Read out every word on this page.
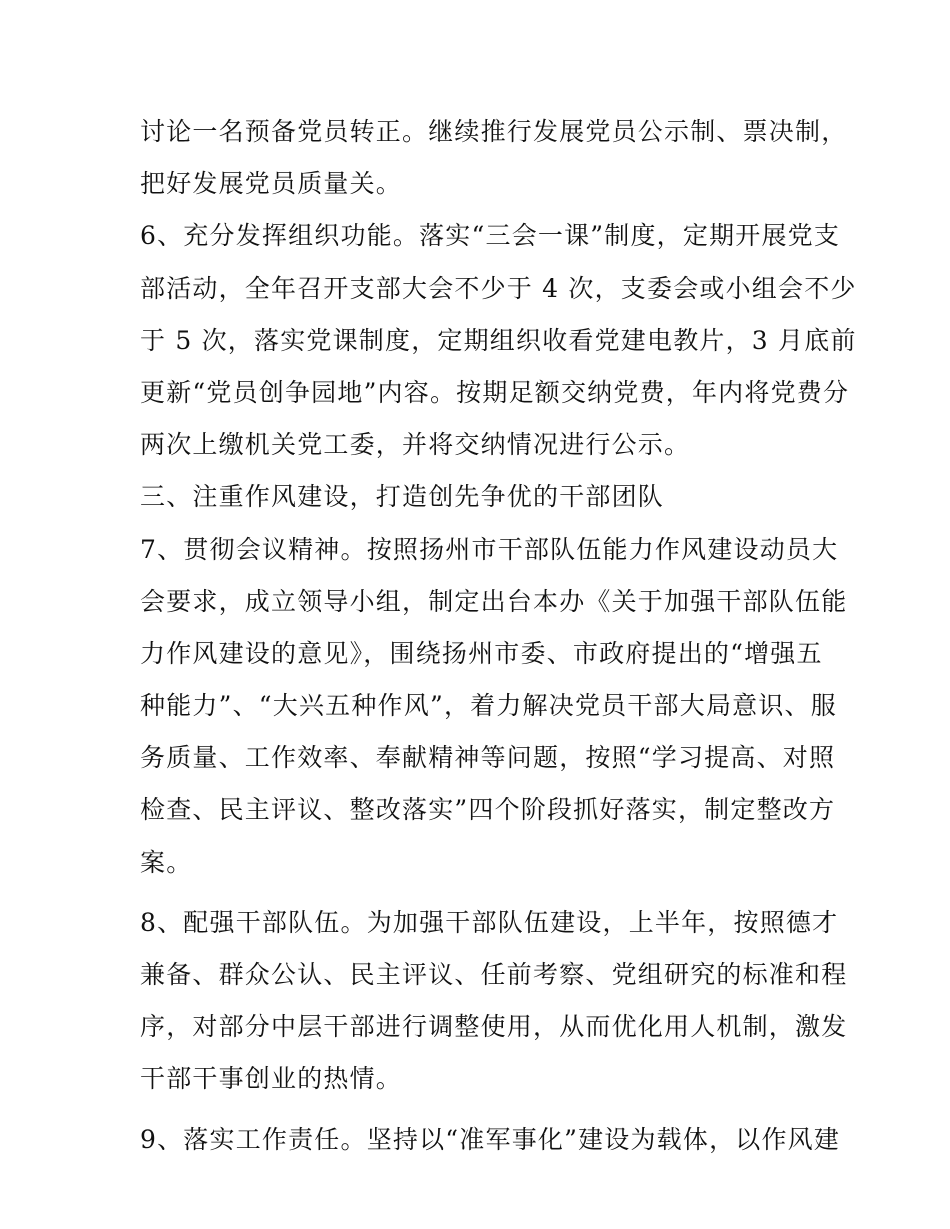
讨论一名预备党员转正。继续推行发展党员公示制、票决制，
把好发展党员质量关。
6、充分发挥组织功能。落实“三会一课”制度，定期开展党支
部活动，全年召开支部大会不少于 4 次，支委会或小组会不少
于 5 次，落实党课制度，定期组织收看党建电教片，3 月底前
更新“党员创争园地”内容。按期足额交纳党费，年内将党费分
两次上缴机关党工委，并将交纳情况进行公示。
三、注重作风建设，打造创先争优的干部团队
7、贯彻会议精神。按照扬州市干部队伍能力作风建设动员大
会要求，成立领导小组，制定出台本办《关于加强干部队伍能
力作风建设的意见》，围绕扬州市委、市政府提出的“增强五
种能力”、“大兴五种作风”，着力解决党员干部大局意识、服
务质量、工作效率、奉献精神等问题，按照“学习提高、对照
检查、民主评议、整改落实”四个阶段抓好落实，制定整改方
案。
8、配强干部队伍。为加强干部队伍建设，上半年，按照德才
兼备、群众公认、民主评议、任前考察、党组研究的标准和程
序，对部分中层干部进行调整使用，从而优化用人机制，激发
干部干事创业的热情。
9、落实工作责任。坚持以“准军事化”建设为载体，以作风建
